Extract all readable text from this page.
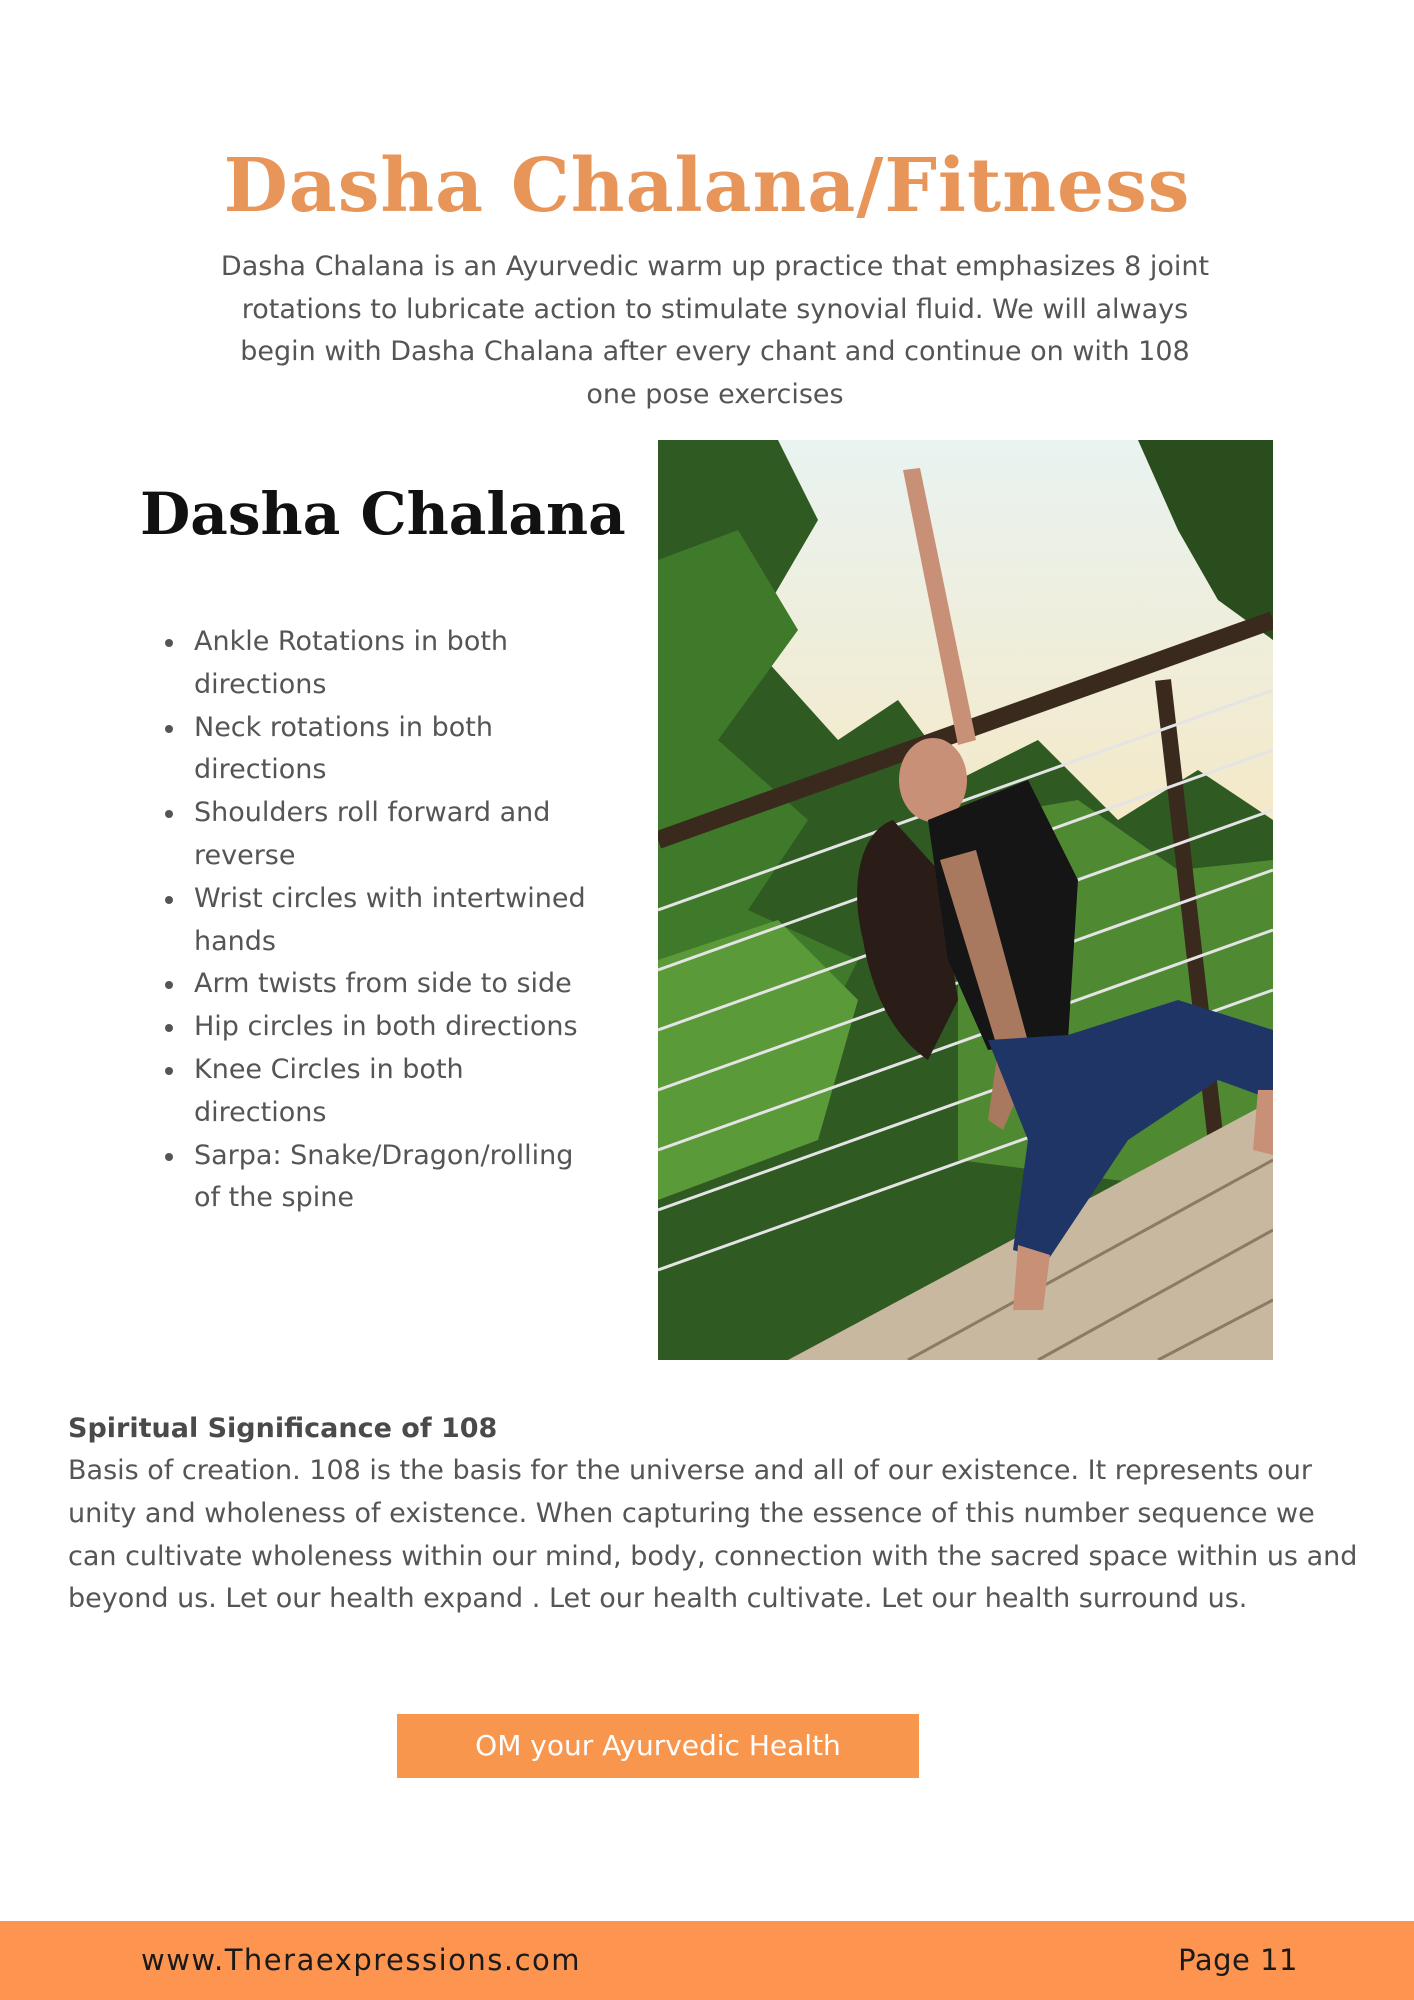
Dasha Chalana/Fitness

Dasha Chalana is an Ayurvedic warm up practice that emphasizes 8 joint rotations to lubricate action to stimulate synovial fluid. We will always begin with Dasha Chalana after every chant and continue on with 108 one pose exercises

Dasha Chalana
Ankle Rotations in both directions
Neck rotations in both directions
Shoulders roll forward and reverse
Wrist circles with intertwined hands
Arm twists from side to side
Hip circles in both directions
Knee Circles in both directions
Sarpa: Snake/Dragon/rolling of the spine
Spiritual Significance of 108

Basis of creation. 108 is the basis for the universe and all of our existence. It represents our unity and wholeness of existence. When capturing the essence of this number sequence we can cultivate wholeness within our mind, body, connection with the sacred space within us and beyond us. Let our health expand . Let our health cultivate. Let our health surround us.

OM your Ayurvedic Health
www.Theraexpressions.com	Page 11
